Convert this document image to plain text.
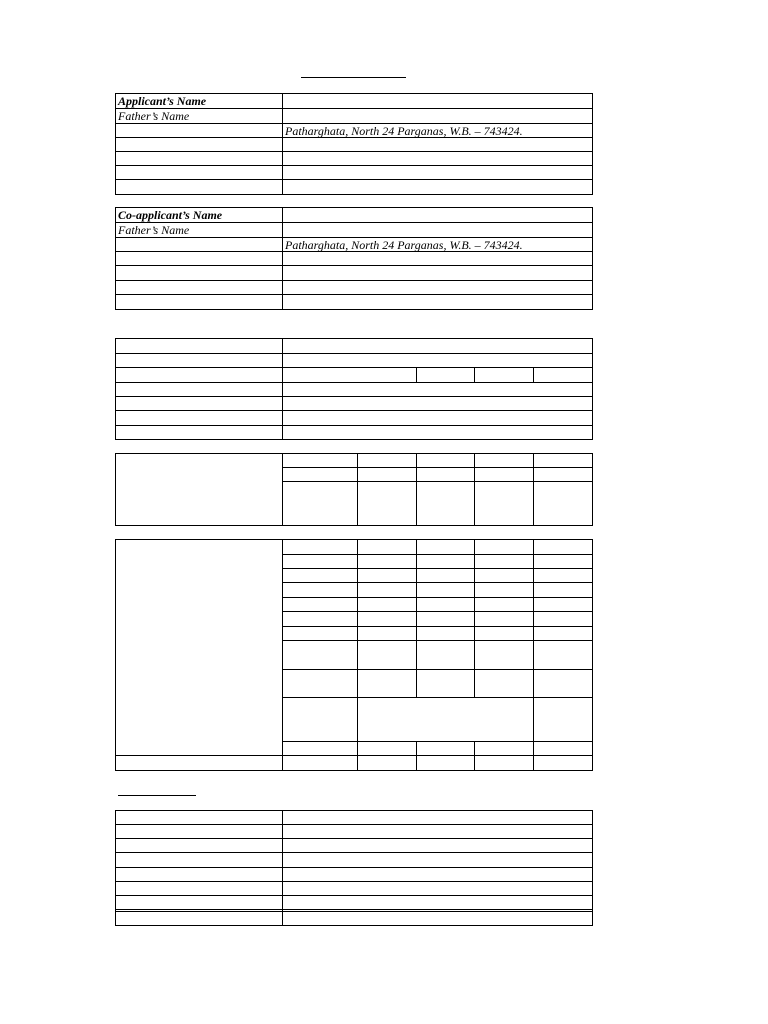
Applicant’s Name	
Father’s Name	
	Patharghata, North 24 Parganas, W.B. – 743424.

Co-applicant’s Name	
Father’s Name	
	Patharghata, North 24 Parganas, W.B. – 743424.
